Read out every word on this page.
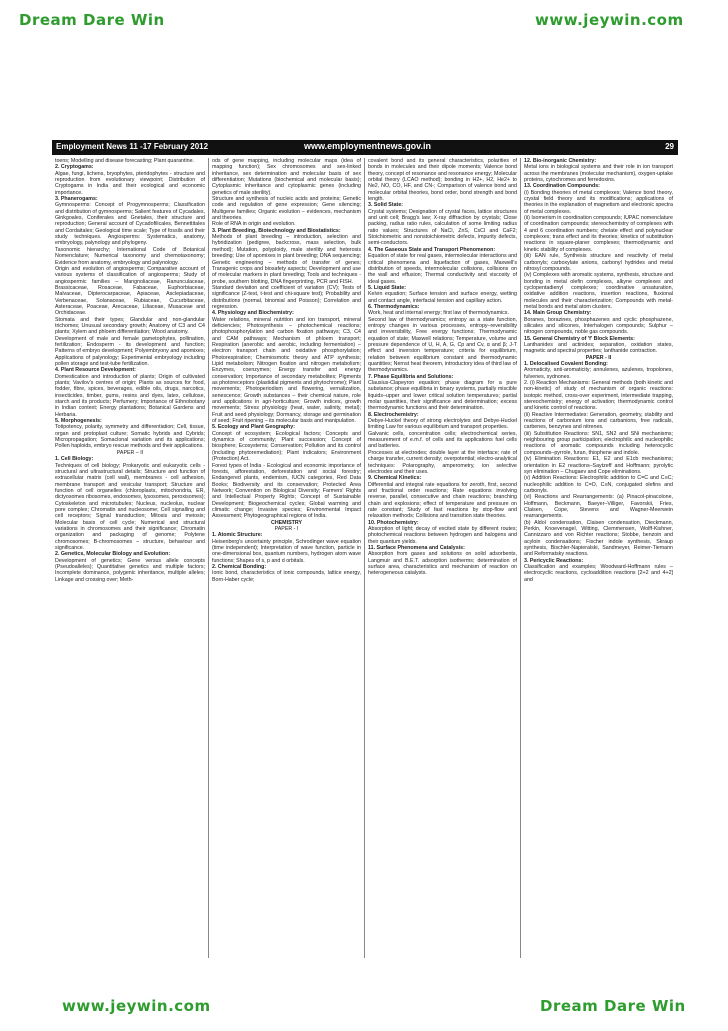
Dream Dare Win	www.jeywin.com
Employment News 11 -17 February 2012	www.employmentnews.gov.in	29

toens; Modelling and disease forecasting; Plant quarantine.

2. Cryptogams:

Algae, fungi, lichens, bryophytes, pteridophytes - structure and reproduction from evolutionary viewpoint; Distribution of Cryptogams in India and their ecological and economic importance.

3. Phanerogams:

Gymnosperms: Concept of Progymnosperms; Classification and distribution of gymnosperms; Salient features of Cycadales, Ginkgoales, Coniferales and Gnetales, their structure and reproduction; General account of Cycadofilicales, Bennettitales and Cordaitales; Geological time scale; Type of fossils and their study techniques. Angiosperms: Systematics, anatomy, embryology, palynology and phylogeny.

Taxonomic hierarchy; International Code of Botanical Nomenclature; Numerical taxonomy and chemotaxonomy; Evidence from anatomy, embryology and palynology.

Origin and evolution of angiosperms; Comparative account of various systems of classification of angiosperms; Study of angiospermic families – Mangnoliaceae, Ranunculaceae, Brassicaceae, Rosaceae, Fabaceae, Euphorbiaceae, Malvaceae, Dipterocarpaceae, Apiaceae, Asclepiadaceae, Verbenaceae, Solanaceae, Rubiaceae, Cucurbitaceae, Asteraceae, Poaceae, Arecaceae, Liliaceae, Musaceae and Orchidaceae.

Stomata and their types; Glandular and non-glandular trichomes; Unusual secondary growth; Anatomy of C3 and C4 plants; Xylem and phloem differentiation; Wood anatomy.

Development of male and female gametophytes, pollination, fertilization; Endosperm - its development and function; Patterns of embryo development; Polyembryony and apomixes; Applications of palynology; Experimental embryology including pollen storage and test-tube fertilization.

4. Plant Resource Development:

Domestication and introduction of plants; Origin of cultivated plants; Vavilov's centres of origin; Plants as sources for food, fodder, fibre, spices, beverages, edible oils, drugs, narcotics, insecticides, timber, gums, resins and dyes, latex, cellulose, starch and its products; Perfumery; Importance of Ethnobotany in Indian context; Energy plantations; Botanical Gardens and Herbaria.

5. Morphogenesis:

Totipotency, polarity, symmetry and differentiation; Cell, tissue, organ and protoplast culture; Somatic hybrids and Cybrids; Micropropagation; Somaclonal variation and its applications; Pollen haploids, embryo rescue methods and their applications.

PAPER – II

1. Cell Biology:

Techniques of cell biology; Prokaryotic and eukaryotic cells - structural and ultrastructural details; Structure and function of extracellular matrix (cell wall), membranes - cell adhesion, membrane transport and vesicular transport; Structure and function of cell organelles (chloroplasts, mitochondria, ER, dictyosomes ribosomes, endosomes, lysosomes, peroxisomes); Cytoskeleton and microtubules; Nucleus, nucleolus, nuclear pore complex; Chromatin and nucleosome; Cell signalling and cell receptors; Signal transduction; Mitosis and meiosis; Molecular basis of cell cycle; Numerical and structural variations in chromosomes and their significance; Chromatin organization and packaging of genome; Polytene chromosomes; B-chromosomes – structure, behaviour and significance.

2. Genetics, Molecular Biology and Evolution:

Development of genetics; Gene versus allele concepts (Pseudoalleles); Quantitative genetics and multiple factors; Incomplete dominance, polygenic inheritance, multiple alleles; Linkage and crossing over; Meth-

ods of gene mapping, including molecular maps (idea of mapping function); Sex chromosomes and sex-linked inheritance, sex determination and molecular basis of sex differentiation; Mutations (biochemical and molecular basis); Cytoplasmic inheritance and cytoplasmic genes (including genetics of male sterility).

Structure and synthesis of nucleic acids and proteins; Genetic code and regulation of gene expression; Gene silencing; Multigene families; Organic evolution – evidences, mechanism and theories.

Role of RNA in origin and evolution.

3. Plant Breeding, Biotechnology and Biostatistics:

Methods of plant breeding – introduction, selection and hybridization (pedigree, backcross, mass selection, bulk method); Mutation, polyploidy, male sterility and heterosis breeding; Use of apomixes in plant breeding; DNA sequencing; Genetic engineering – methods of transfer of genes; Transgenic crops and biosafety aspects; Development and use of molecular markers in plant breeding; Tools and techniques - probe, southern blotting, DNA fingerprinting, PCR and FISH.

Standard deviation and coefficient of variation (CV); Tests of significance (Z-test, t-test and chi-square test); Probability and distributions (normal, binomial and Poisson); Correlation and regression.

4. Physiology and Biochemistry:

Water relations, mineral nutrition and ion transport, mineral deficiencies; Photosynthesis – photochemical reactions; photophosphorylation and carbon fixation pathways; C3, C4 and CAM pathways; Mechanism of phloem transport; Respiration (anerobic and aerobic, including fermentation) – electron transport chain and oxidative phosphorylation; Photorespiration; Chemiosmotic theory and ATP synthesis; Lipid metabolism; Nitrogen fixation and nitrogen metabolism; Enzymes, coenzymes; Energy transfer and energy conservation; Importance of secondary metabolites; Pigments as photoreceptors (plastidial pigments and phytochrome); Plant movements; Photoperiodism and flowering, vernalization, senescence; Growth substances – their chemical nature, role and applications in agri-horticulture; Growth indices, growth movements; Stress physiology (heat, water, salinity, metal); Fruit and seed physiology; Dormancy, storage and germination of seed; Fruit ripening – its molecular basis and manipulation.

5. Ecology and Plant Geography:

Concept of ecosystem; Ecological factors; Concepts and dynamics of community; Plant succession; Concept of biosphere; Ecosystems; Conservation; Pollution and its control (including phytoremediation); Plant indicators; Environment (Protection) Act.

Forest types of India - Ecological and economic importance of forests, afforestation, deforestation and social forestry; Endangered plants, endemism, IUCN categories, Red Data Books; Biodiversity and its conservation; Protected Area Network; Convention on Biological Diversity; Farmers' Rights and Intellectual Property Rights; Concept of Sustainable Development; Biogeochemical cycles; Global warming and climatic change; Invasive species; Environmental Impact Assessment; Phytogeographical regions of India.

CHEMISTRY

PAPER - I

1. Atomic Structure:

Heisenberg's uncertainty principle, Schrodinger wave equation (time independent); Interpretation of wave function, particle in one-dimensional box, quantum numbers, hydrogen atom wave functions; Shapes of s, p and d orbitals.

2. Chemical Bonding:

Ionic bond, characteristics of ionic compounds, lattice energy, Born-Haber cycle;

covalent bond and its general characteristics, polarities of bonds in molecules and their dipole moments; Valence bond theory, concept of resonance and resonance energy; Molecular orbital theory (LCAO method); bonding in H2+, H2, He2+ to Ne2, NO, CO, HF, and CN-; Comparison of valence bond and molecular orbital theories, bond order, bond strength and bond length.

3. Solid State:

Crystal systems; Designation of crystal faces, lattice structures and unit cell; Bragg's law; X-ray diffraction by crystals; Close packing, radius ratio rules, calculation of some limiting radius ratio values; Structures of NaCl, ZnS, CsCl and CaF2; Stoichiometric and nonstoichiometric defects, impurity defects, semi-conductors.

4. The Gaseous State and Transport Phenomenon:

Equation of state for real gases, intermolecular interactions and critical phenomena and liquefaction of gases, Maxwell's distribution of speeds, intermolecular collisions, collisions on the wall and effusion; Thermal conductivity and viscosity of ideal gases.

5. Liquid State:

Kelvin equation; Surface tension and surface energy, wetting and contact angle, interfacial tension and capillary action.

6. Thermodynamics:

Work, heat and internal energy; first law of thermodynamics.

Second law of thermodynamics; entropy as a state function, entropy changes in various processes, entropy–reversibility and irreversibility, Free energy functions; Thermodynamic equation of state; Maxwell relations; Temperature, volume and pressure dependence of U, H, A, G, Cp and Cv, α and β; J-T effect and inversion temperature; criteria for equilibrium, relation between equilibrium constant and thermodynamic quantities; Nernst heat theorem, introductory idea of third law of thermodynamics.

7. Phase Equilibria and Solutions:

Clausius-Clapeyron equation; phase diagram for a pure substance; phase equilibria in binary systems, partially miscible liquids–upper and lower critical solution temperatures; partial molar quantities, their significance and determination; excess thermodynamic functions and their determination.

8. Electrochemistry:

Debye-Huckel theory of strong electrolytes and Debye-Huckel limiting Law for various equilibrium and transport properties.

Galvanic cells, concentration cells; electrochemical series, measurement of e.m.f. of cells and its applications fuel cells and batteries.

Processes at electrodes; double layer at the interface; rate of charge transfer, current density; overpotential; electro-analytical techniques: Polarography, amperometry, ion selective electrodes and their uses.

9. Chemical Kinetics:

Differential and integral rate equations for zeroth, first, second and fractional order reactions; Rate equations involving reverse, parallel, consecutive and chain reactions; branching chain and explosions; effect of temperature and pressure on rate constant; Study of fast reactions by stop-flow and relaxation methods; Collisions and transition state theories.

10. Photochemistry:

Absorption of light; decay of excited state by different routes; photochemical reactions between hydrogen and halogens and their quantum yields.

11. Surface Phenomena and Catalysis:

Absorption from gases and solutions on solid adsorbents, Langmuir and B.E.T. adsorption isotherms; determination of surface area, characteristics and mechanism of reaction on heterogeneous catalysts.

12. Bio-inorganic Chemistry:

Metal ions in biological systems and their role in ion transport across the membranes (molecular mechanism), oxygen-uptake proteins, cytochromes and ferredoxins.

13. Coordination Compounds:

(i) Bonding theories of metal complexes; Valence bond theory, crystal field theory and its modifications; applications of theories in the explanation of magnetism and electronic spectra of metal complexes.

(ii) Isomerism in coordination compounds; IUPAC nomenclature of coordination compounds; stereochemistry of complexes with 4 and 6 coordination numbers; chelate effect and polynuclear complexes; trans effect and its theories; kinetics of substitution reactions in square-planer complexes; thermodynamic and kinetic stability of complexes.

(iii) EAN rule, Synthesis structure and reactivity of metal carbonyls; carboxylate anions, carbonyl hydrides and metal nitrosyl compounds.

(iv) Complexes with aromatic systems, synthesis, structure and bonding in metal olefin complexes, alkyne complexes and cyclopentadienyl complexes; coordinative unsaturation, oxidative addition reactions, insertion reactions, fluxional molecules and their characterization; Compounds with metal-metal bonds and metal atom clusters.

14. Main Group Chemistry:

Boranes, borazines, phosphazenes and cyclic phosphazene, silicates and silicones, Interhalogen compounds; Sulphur – nitrogen compounds, noble gas compounds.

15. General Chemistry of 'f' Block Elements:

Lanthanides and actinides; separation, oxidation states, magnetic and spectral properties; lanthanide contraction.

PAPER - II

1. Delocalised Covalent Bonding:

Aromaticity, anti-aromaticity; annulenes, azulenes, tropolones, fulvenes, sydnones.

2. (i) Reaction Mechanisms: General methods (both kinetic and non-kinetic) of study of mechanism of organic reactions: isotopic method, cross-over experiment, intermediate trapping, stereochemistry; energy of activation; thermodynamic control and kinetic control of reactions.

(ii) Reactive Intermediates: Generation, geometry, stability and reactions of carbonium ions and carbanions, free radicals, carbenes, benzynes and nitrenes.

(iii) Substitution Reactions: SN1, SN2 and SNi mechanisms; neighbouring group participation; electrophilic and nucleophilic reactions of aromatic compounds including heterocyclic compounds–pyrrole, furan, thiophene and indole.

(iv) Elimination Reactions: E1, E2 and E1cb mechanisms; orientation in E2 reactions–Saytzeff and Hoffmann; pyrolytic syn elimination – Chugaev and Cope eliminations.

(v) Addition Reactions: Electrophilic addition to C=C and C≡C; nucleophilic addition to C=O, C≡N, conjugated olefins and carbonyls.

(vi) Reactions and Rearrangements: (a) Pinacol-pinacolone, Hoffmann, Beckmann, Baeyer–Villiger, Favorskii, Fries, Claisen, Cope, Stevens and Wagner-Meerwein rearrangements.

(b) Aldol condensation, Claisen condensation, Dieckmann, Perkin, Knoevenagel, Witting, Clemmensen, Wolff-Kishner, Cannizzaro and von Richter reactions; Stobbe, benzoin and acyloin condensations; Fischer indole synthesis, Skraup synthesis, Bischler-Napieralski, Sandmeyer, Reimer-Tiemann and Reformatsky reactions.

3. Pericyclic Reactions:

Classification and examples; Woodward-Hoffmann rules – electrocyclic reactions, cycloaddition reactions [2+2 and 4+2] and

www.jeywin.com	Dream Dare Win
